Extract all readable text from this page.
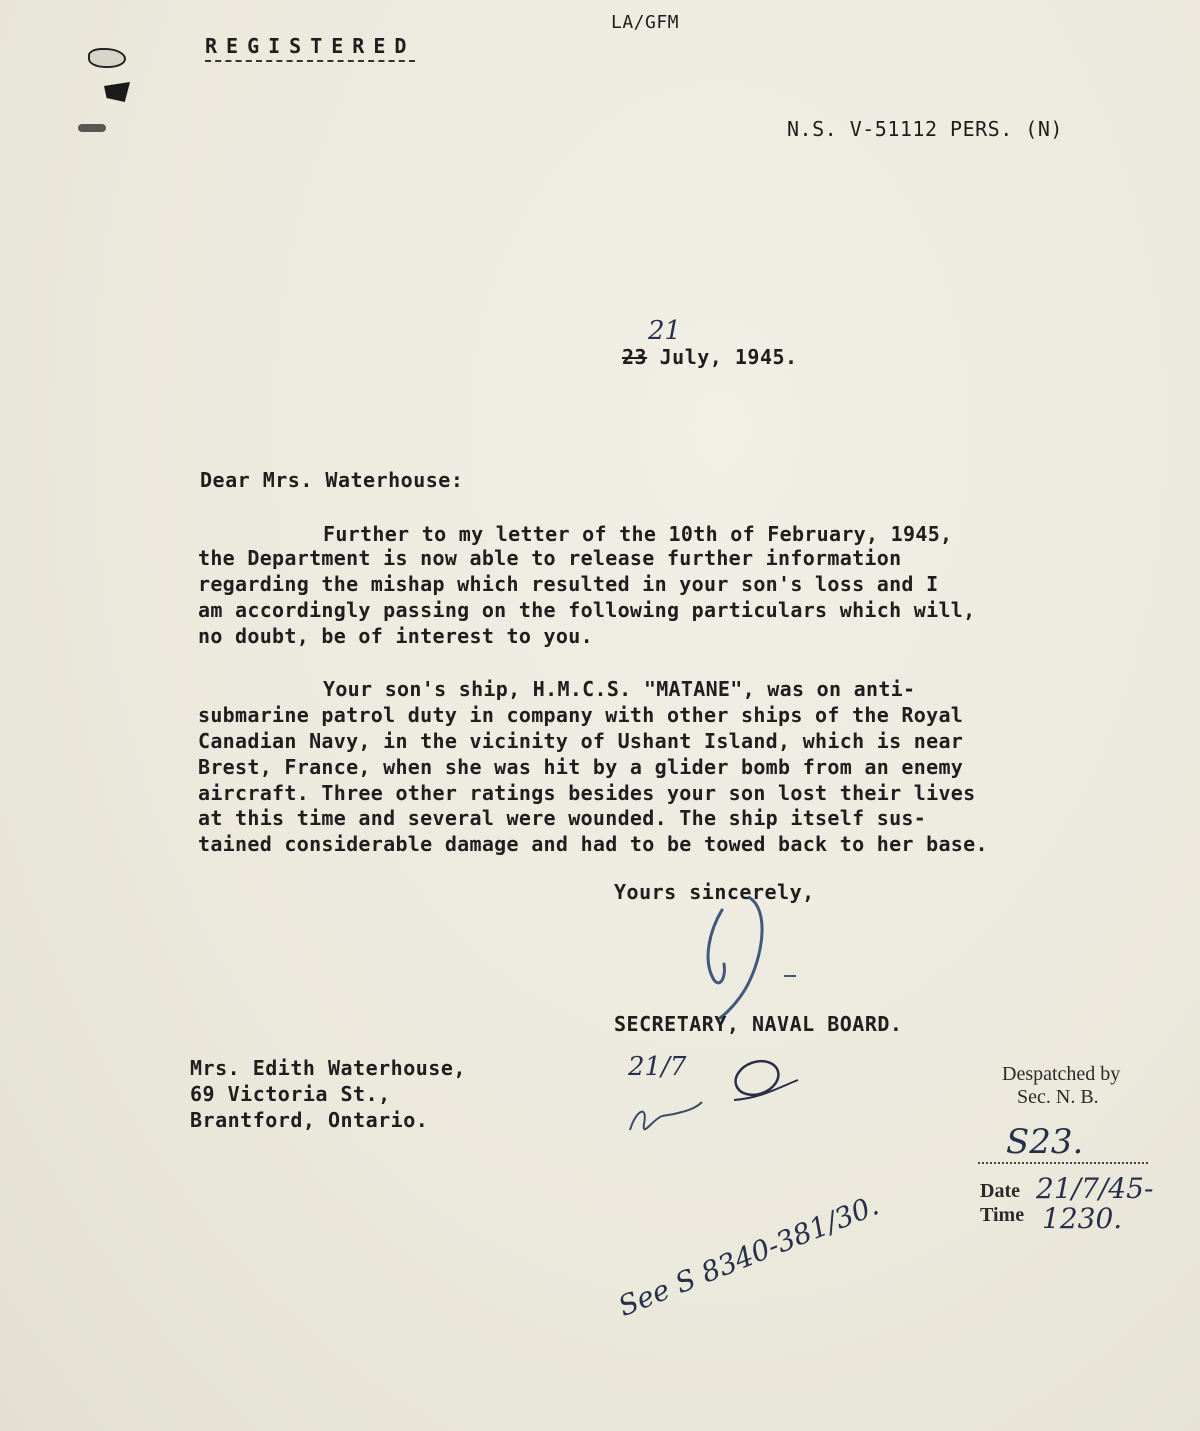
REGISTERED
LA/GFM
N.S. V-51112 PERS. (N)
21
23 July, 1945.
Dear Mrs. Waterhouse:
Further to my letter of the 10th of February, 1945,
the Department is now able to release further information
regarding the mishap which resulted in your son's loss and I
am accordingly passing on the following particulars which will,
no doubt, be of interest to you.
Your son's ship, H.M.C.S. "MATANE", was on anti-
submarine patrol duty in company with other ships of the Royal
Canadian Navy, in the vicinity of Ushant Island, which is near
Brest, France, when she was hit by a glider bomb from an enemy
aircraft. Three other ratings besides your son lost their lives
at this time and several were wounded. The ship itself sus-
tained considerable damage and had to be towed back to her base.
Yours sincerely,
SECRETARY, NAVAL BOARD.
Mrs. Edith Waterhouse,
69 Victoria St.,
Brantford, Ontario.
21/7	Despatched by
Sec. N. B.
S23.
Date 21/7/45-
Time 1230.
See S 8340-381/30.
